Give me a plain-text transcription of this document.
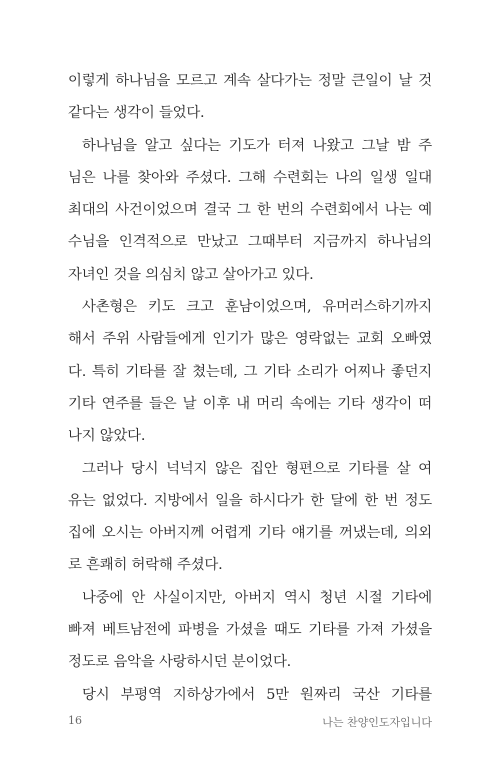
이렇게 하나님을 모르고 계속 살다가는 정말 큰일이 날 것
같다는 생각이 들었다.
하나님을 알고 싶다는 기도가 터져 나왔고 그날 밤 주
님은 나를 찾아와 주셨다. 그해 수련회는 나의 일생 일대
최대의 사건이었으며 결국 그 한 번의 수련회에서 나는 예
수님을 인격적으로 만났고 그때부터 지금까지 하나님의
자녀인 것을 의심치 않고 살아가고 있다.
사촌형은 키도 크고 훈남이었으며, 유머러스하기까지
해서 주위 사람들에게 인기가 많은 영락없는 교회 오빠였
다. 특히 기타를 잘 쳤는데, 그 기타 소리가 어찌나 좋던지
기타 연주를 들은 날 이후 내 머리 속에는 기타 생각이 떠
나지 않았다.
그러나 당시 넉넉지 않은 집안 형편으로 기타를 살 여
유는 없었다. 지방에서 일을 하시다가 한 달에 한 번 정도
집에 오시는 아버지께 어렵게 기타 얘기를 꺼냈는데, 의외
로 흔쾌히 허락해 주셨다.
나중에 안 사실이지만, 아버지 역시 청년 시절 기타에
빠져 베트남전에 파병을 가셨을 때도 기타를 가져 가셨을
정도로 음악을 사랑하시던 분이었다.
당시 부평역 지하상가에서 5만 원짜리 국산 기타를
16	나는 찬양인도자입니다
